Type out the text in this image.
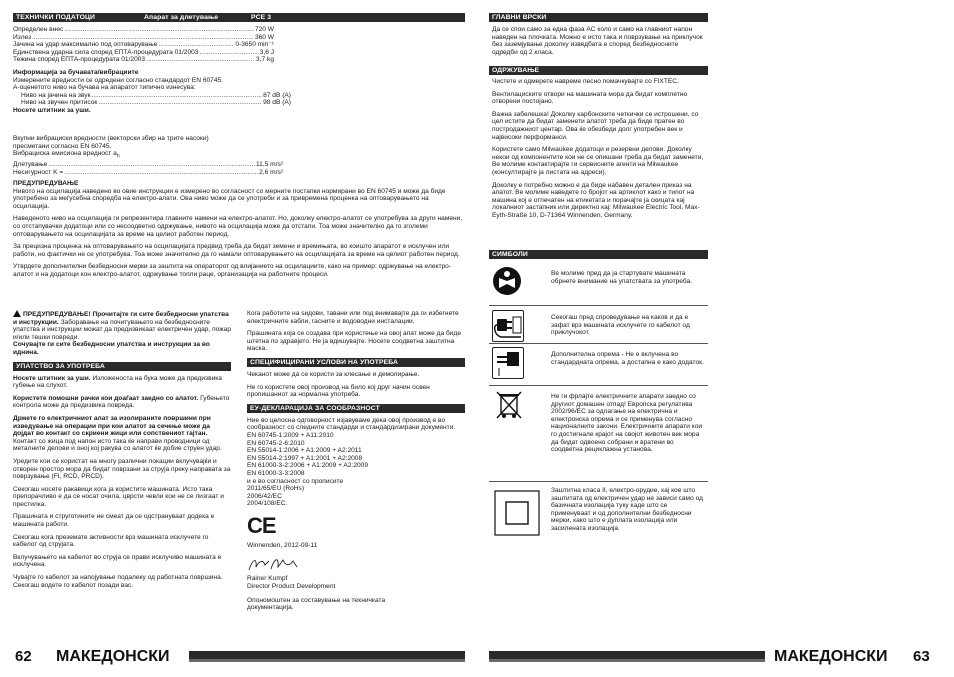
ТЕХНИЧКИ ПОДАТОЦИ	Апарат за длетување	PCE 3
Определен внес .....	720 W
Излез .....	360 W
Јачина на удар максимално под оптоварување .....	0-3650 min⁻¹
Единствена ударна сила според ЕПТА-процедурата 01/2003 .....	3,6 J
Тежина според ЕПТА-процедурата 01/2003 .....	3,7 kg
Информација за бучавата/вибрациите
Измерените вредности се одредени согласно стандардот EN 60745.
А-оценетото ниво на бучава на апаратот типично изнесува:
Ниво на јачина на звук .....	87 dB (A)
Ниво на звучен притисок .....	98 dB (A)
Носете штитник за уши.
Вкупни вибрациски вредности (векторски збир на трите насоки) пресметани согласно EN 60745.
Вибрациска емисиона вредност $a_h$
Длетување .....	11,5 m/s²
Несигурност K = .....	2,6 m/s²
ПРЕДУПРЕДУВАЊЕ
Нивото на осцилација наведено во овие инструкции е измерено во согласност со мерните постапки нормирани во EN 60745 и може да биде употребено за меѓусебна споредба на електро-алати. Ова ниво може да се употреби и за привремена проценка на оптоварувањето на осцилација.
Наведеното ниво на осцилација ги репрезентира главните намени на електро-алатот. Но, доколку електро-алатот се употребува за други намени, со отстапувачки додатоци или со несоодветно одржување, нивото на осцилација може да отстапи. Тоа може значително да го зголеми оптоварувањето на осцилацијата за време на целиот работен период.
За прецизна проценка на оптоварувањето на осцилацијата предвид треба да бидат земени и времињата, во коишто апаратот е исклучен или работи, но фактички не се употребува. Тоа може значително да го намали оптоварувањето на осцилацијата за време на целиот работен период.
Утврдете дополнителни безбедносни мерки за заштита на операторот од влијанието на осцилациите, како на пример: одржување на електро-алатот и на додатоци кон електро-алатот, одржување топли раце, организација на работните процеси.
ПРЕДУПРЕДУВАЊЕ! Прочитајте ги сите безбедносни упатства и инструкции. Заборавање на почитувањето на безбедносните упатства и инструкции можат да предизвикаат електричен удар, пожар и/или тешки повреди.
Сочувајте ги сите безбедносни упатства и инструкции за во иднина.
УПАТСТВО ЗА УПОТРЕБА
Носете штитник за уши. Изложеноста на бука може да предизвика губење на слухот.
Користете помошни рачки кои доаѓаат заедно со алатот. Губењето контрола може да предизвика повреда.
Држете го електричниот алат за изoлираните површини при изведување на операции при кои алатот за сечење може да дојдат во контакт со скриени жици или сопствениот гајтан. Контакт со жица под напон исто така ќе направи проводници од металните делови и оној кој ракува со алатот ќе добие струен удар.
Уредите кои се користат на многу различни локации вклучувајќи и отворен простор мора да бидат поврзани за струја преку направата за поврзување (FI, RCD, PRCD).
Секогаш носете ракавици кога ја користите машината. Исто така препорачливо е да се носат очила, цврсти чевли кои не се лизгаат и престилка.
Прашината и струготините не смеат да се одстрануваат додека е машината работи.
Секогаш кога преземате активности врз машината исклучете го кабелот од струјата.
Вклучувањето на кабелот во струја се прави исклучиво машината е исклучена.
Чувајте го кабелот за напојување подалеку од работната површина. Секогаш водете го кабелот позади вас.
Кога работите на ѕидови, тавани или под внимавајте да ги избегнете електричните кабли, гасните и водоводни инсталации.
Прашината која се создава при користење на овој апат може да биде штетна по здравјето. Не ја вдишувајте. Носете соодветна заштитна маска.
СПЕЦИФИЦИРАНИ УСЛОВИ НА УПОТРЕБА
Чеканот може да се користи за клесање и демолирање.
Не го користете овој производ на било кој друг начин освен пропишаниот за нормална употреба.
ЕУ-ДЕКЛАРАЦИЈА ЗА СООБРАЗНОСТ
Ние во целосна одговорност изјавуваме дека овој производ е во сообразност со следните стандарди и стандардизирани документи.
EN 60745-1:2009 + A11:2010
EN 60745-2-6:2010
EN 55014-1:2006 + A1:2009 + A2:2011
EN 55014-2:1997 + A1:2001 + A2:2008
EN 61000-3-2:2006 + A1:2009 + A2:2009
EN 61000-3-3:2008
и е во согласност со прописите
2011/65/EU (RoHs)
2006/42/EC
2004/108/EC.
CE
Winnenden, 2012-09-11
Rainer Kumpf
Director Product Development
Опономоштен за составување на техничката документација.
62 МАКЕДОНСКИ
ГЛАВНИ ВРСКИ
Да се спои само за една фаза AC коло и само на главниот напон наведен на плочката. Можно е исто така и поврзување на приклучок без заземјување доколку изведбата е според безбедносните одредби од 2 класа.
ОДРЖУВАЊЕ
Чистете и одмерете навреме песно помачкувајте со FIXTEC.
Вентилациските отвори на машината мора да бидат комплетно отворени постојано.
Важна забелешка! Доколку карбонските четкички се истрошени, со цел истите да бидат заменети алатот треба да биде пратен во постродажниот центар. Ова ќе обезбеди долг употребен век и највисоки перформанси.
Користете само Milwaukee додатоци и резервни делови. Доколку некои од компонентите кои не се опишани треба да бидат заменети, Ве молиме контактирајте ги сервисните агенти на Milwaukee (консултирајте ја листата на адреси).
Доколку е потребно можно е да биде набавен детален приказ на апатот. Ве молиме наведете го бројот на артиклот како и типот на машина кој е отпечатен на етикетата и порачајте ја скицата кај локалниот застапник или директно кај: Milwaukee Electric Tool, Max-Eyth-Straße 10, D-71364 Winnenden, Germany.
СИМБОЛИ
Ве молиме пред да ја стартувате машината обрнете внимание на упатствата за употреба.
Секогаш пред спроведување на каков и да е зафат врз машината исклучете го кабелот од приклучокот.
Дополнителна опрема - Не е вклучена во стандардната опрема, а достапна е како додаток.
Не ги фрлајте електричните апарати заедно со другиот домашен отпад! Европска регулатива 2002/96/EC за одлагање на електрична и електронска опрема и се применува согласно националните закони. Електричните апарати кои го достигнале крајот на својот животен век мора да бидат одвоено собрани и вратени во соодветна рециклажна установа.
Заштитна класа II, електро-орудие, кај кое што заштитата од електричен удар не зависи само од базичната изолација туку каде што се применуваат и од дополнителни безбедносни мерки, како што е дуплата изолација или засилената изолација.
МАКЕДОНСКИ 63
